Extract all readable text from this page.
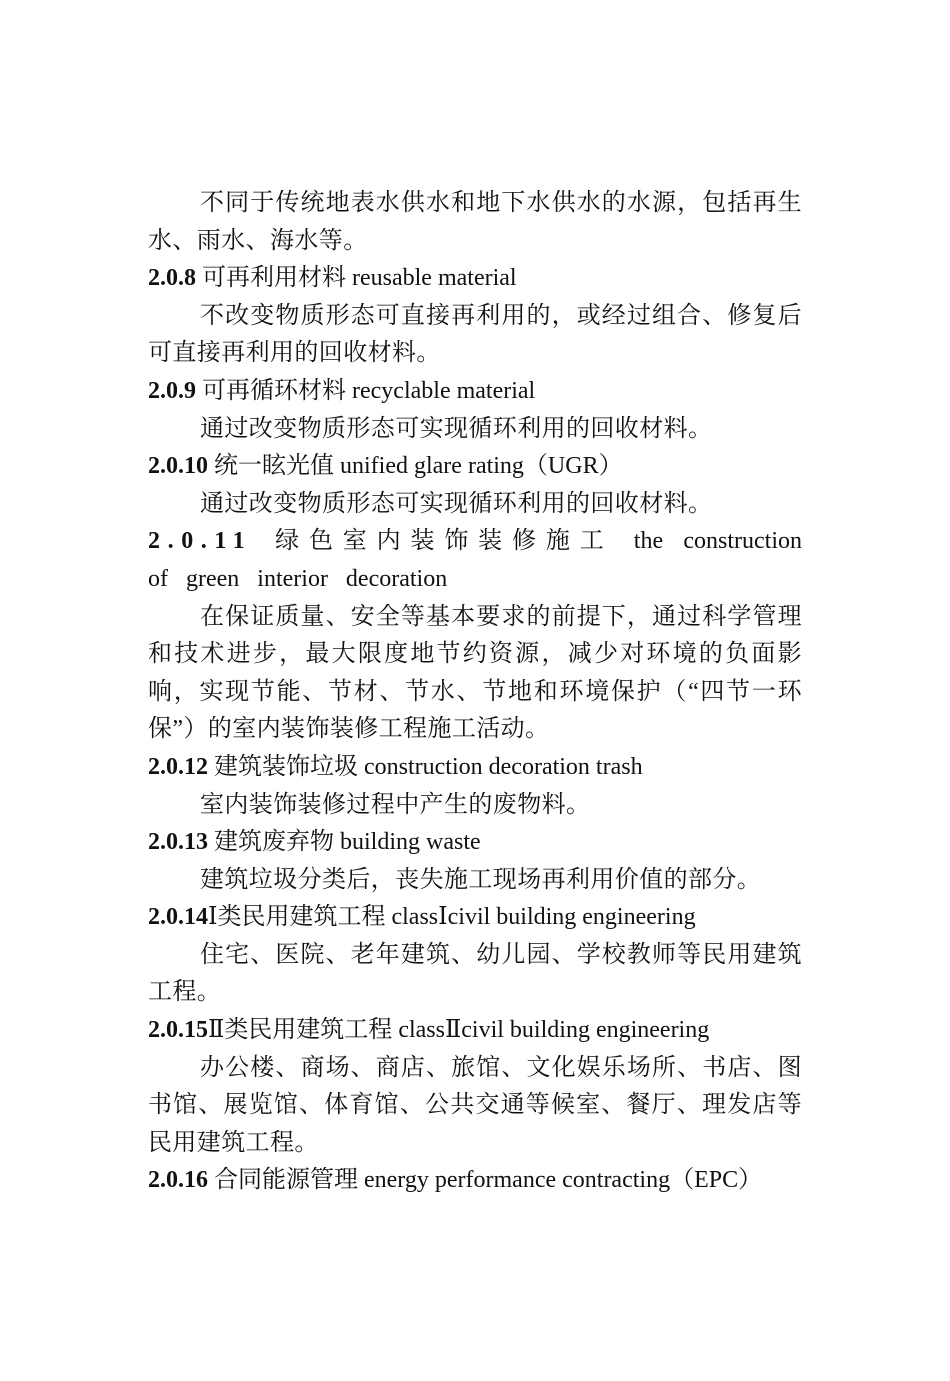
不同于传统地表水供水和地下水供水的水源，包括再生水、雨水、海水等。

2.0.8 可再利用材料 reusable material

不改变物质形态可直接再利用的，或经过组合、修复后可直接再利用的回收材料。

2.0.9 可再循环材料 recyclable material

通过改变物质形态可实现循环利用的回收材料。

2.0.10 统一眩光值 unified glare rating（UGR）

通过改变物质形态可实现循环利用的回收材料。

2.0.11 绿色室内装饰装修施工 the construction of green interior decoration

在保证质量、安全等基本要求的前提下，通过科学管理和技术进步，最大限度地节约资源，减少对环境的负面影响，实现节能、节材、节水、节地和环境保护（“四节一环保”）的室内装饰装修工程施工活动。

2.0.12 建筑装饰垃圾 construction decoration trash

室内装饰装修过程中产生的废物料。

2.0.13 建筑废弃物 building waste

建筑垃圾分类后，丧失施工现场再利用价值的部分。

2.0.14Ⅰ类民用建筑工程 classⅠcivil building engineering

住宅、医院、老年建筑、幼儿园、学校教师等民用建筑工程。

2.0.15Ⅱ类民用建筑工程 classⅡcivil building engineering

办公楼、商场、商店、旅馆、文化娱乐场所、书店、图书馆、展览馆、体育馆、公共交通等候室、餐厅、理发店等民用建筑工程。

2.0.16 合同能源管理 energy performance contracting（EPC）
